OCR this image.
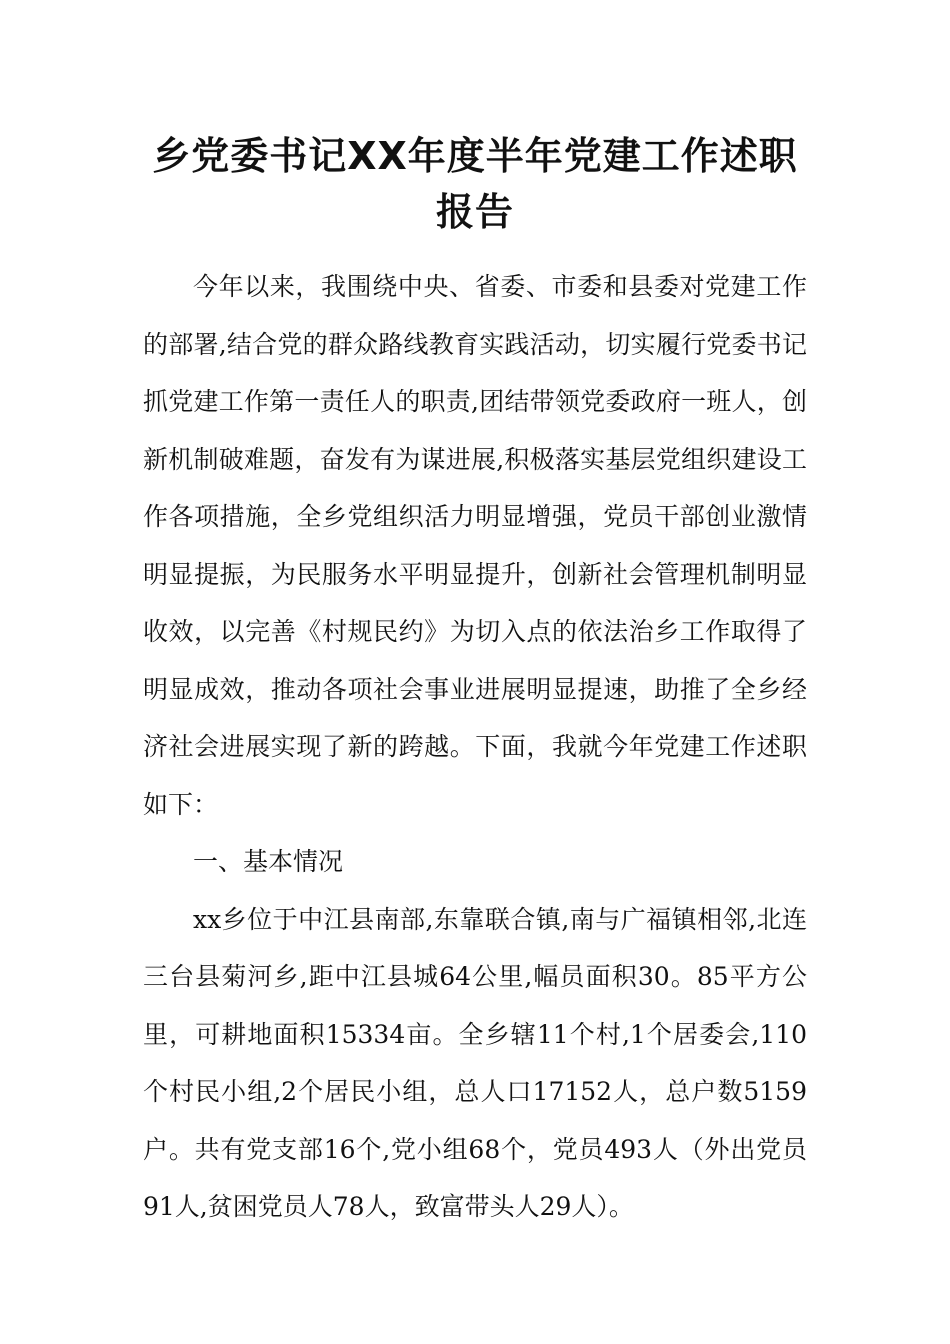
乡党委书记XX年度半年党建工作述职报告

今年以来，我围绕中央、省委、市委和县委对党建工作的部署,结合党的群众路线教育实践活动，切实履行党委书记抓党建工作第一责任人的职责,团结带领党委政府一班人，创新机制破难题，奋发有为谋进展,积极落实基层党组织建设工作各项措施，全乡党组织活力明显增强，党员干部创业激情明显提振，为民服务水平明显提升，创新社会管理机制明显收效，以完善《村规民约》为切入点的依法治乡工作取得了明显成效，推动各项社会事业进展明显提速，助推了全乡经济社会进展实现了新的跨越。下面，我就今年党建工作述职如下：

一、基本情况

xx乡位于中江县南部,东靠联合镇,南与广福镇相邻,北连三台县菊河乡,距中江县城64公里,幅员面积30。85平方公里，可耕地面积15334亩。全乡辖11个村,1个居委会,110个村民小组,2个居民小组，总人口17152人，总户数5159户。共有党支部16个,党小组68个，党员493人（外出党员91人,贫困党员人78人，致富带头人29人）。
